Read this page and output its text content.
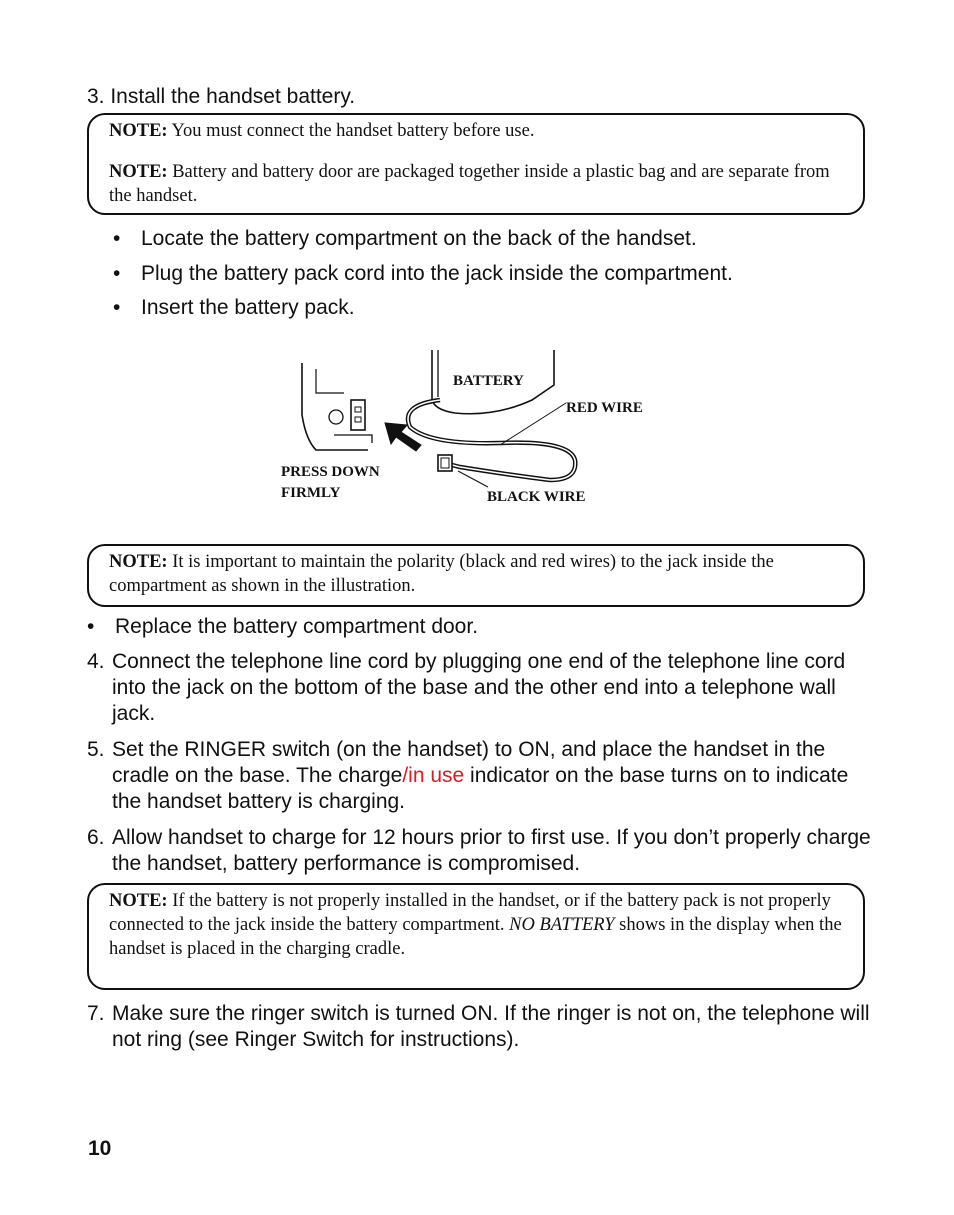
3. Install the handset battery.

NOTE: You must connect the handset battery before use.

NOTE: Battery and battery door are packaged together inside a plastic bag and are separate from the handset.

• Locate the battery compartment on the back of the handset.
• Plug the battery pack cord into the jack inside the compartment.
• Insert the battery pack.
BATTERY
RED WIRE
BLACK WIRE
PRESS DOWN
FIRMLY

NOTE: It is important to maintain the polarity (black and red wires) to the jack inside the compartment as shown in the illustration.

• Replace the battery compartment door.
4. Connect the telephone line cord by plugging one end of the telephone line cord into the jack on the bottom of the base and the other end into a telephone wall jack.
5. Set the RINGER switch (on the handset) to ON, and place the handset in the cradle on the base. The charge/in use indicator on the base turns on to indicate the handset battery is charging.
6. Allow handset to charge for 12 hours prior to first use. If you don’t properly charge the handset, battery performance is compromised.

NOTE: If the battery is not properly installed in the handset, or if the battery pack is not properly connected to the jack inside the battery compartment. NO BATTERY shows in the display when the handset is placed in the charging cradle.

7. Make sure the ringer switch is turned ON. If the ringer is not on, the telephone will not ring (see Ringer Switch for instructions).
10
